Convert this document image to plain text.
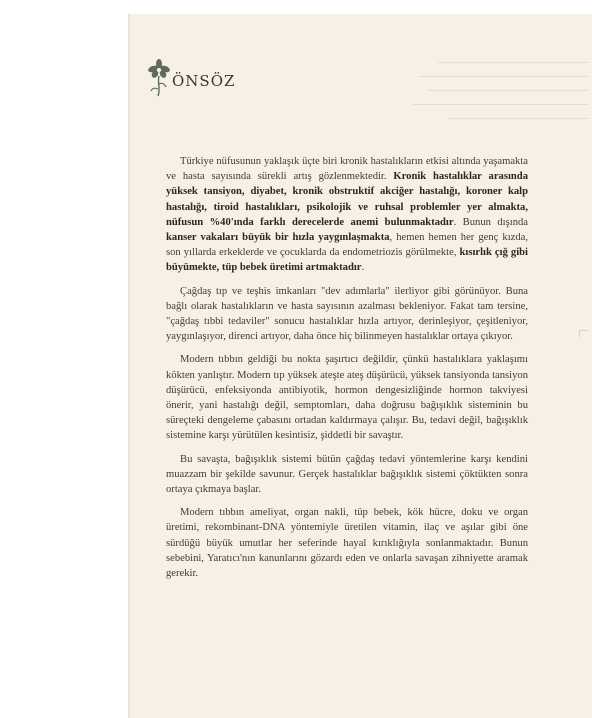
ÖNSÖZ

Türkiye nüfusunun yaklaşık üçte biri kronik hastalıkların etkisi altında yaşamakta ve hasta sayısında sürekli artış gözlenmektedir. Kronik hastalıklar arasında yüksek tansiyon, diyabet, kronik obstruktif akciğer hastalığı, koroner kalp hastalığı, tiroid hastalıkları, psikolojik ve ruhsal problemler yer almakta, nüfusun %40'ında farklı derecelerde anemi bulunmaktadır. Bunun dışında kanser vakaları büyük bir hızla yaygınlaşmakta, hemen hemen her genç kızda, son yıllarda erkeklerde ve çocuklarda da endometriozis görülmekte, kısırlık çığ gibi büyümekte, tüp bebek üretimi artmaktadır.

Çağdaş tıp ve teşhis imkanları "dev adımlarla" ilerliyor gibi görünüyor. Buna bağlı olarak hastalıkların ve hasta sayısının azalması bekleniyor. Fakat tam tersine, "çağdaş tıbbi tedaviler" sonucu hastalıklar hızla artıyor, derinleşiyor, çeşitleniyor, yaygınlaşıyor, direnci artıyor, daha önce hiç bilinmeyen hastalıklar ortaya çıkıyor.

Modern tıbbın geldiği bu nokta şaşırtıcı değildir, çünkü hastalıklara yaklaşımı kökten yanlıştır. Modern tıp yüksek ateşte ateş düşürücü, yüksek tansiyonda tansiyon düşürücü, enfeksiyonda antibiyotik, hormon dengesizliğinde hormon takviyesi önerir, yani hastalığı değil, semptomları, daha doğrusu bağışıklık sisteminin bu süreçteki dengeleme çabasını ortadan kaldırmaya çalışır. Bu, tedavi değil, bağışıklık sistemine karşı yürütülen kesintisiz, şiddetli bir savaştır.

Bu savaşta, bağışıklık sistemi bütün çağdaş tedavi yöntemlerine karşı kendini muazzam bir şekilde savunur. Gerçek hastalıklar bağışıklık sistemi çöktükten sonra ortaya çıkmaya başlar.

Modern tıbbın ameliyat, organ nakli, tüp bebek, kök hücre, doku ve organ üretimi, rekombinant-DNA yöntemiyle üretilen vitamin, ilaç ve aşılar gibi öne sürdüğü büyük umutlar her seferinde hayal kırıklığıyla sonlanmaktadır. Bunun sebebini, Yaratıcı'nın kanunlarını gözardı eden ve onlarla savaşan zihniyette aramak gerekir.
